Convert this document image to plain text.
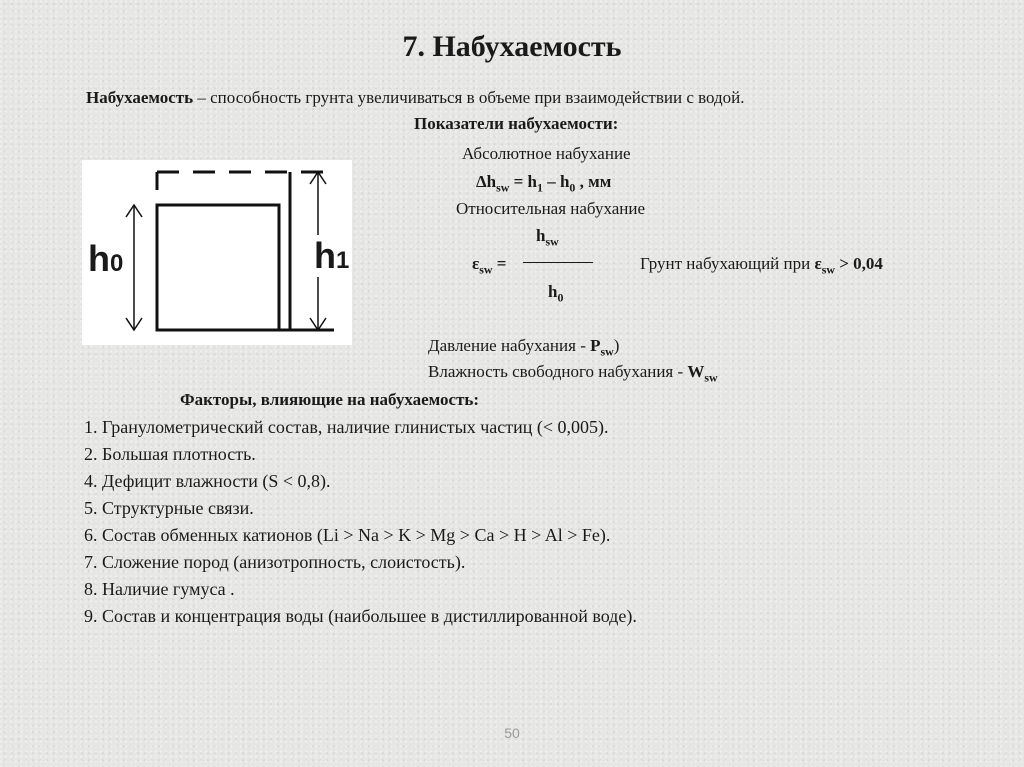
7. Набухаемость
Набухаемость – способность грунта увеличиваться в объеме при взаимодействии с водой.
Показатели набухаемости:
Абсолютное набухание
$\Delta h_{sw} = h_1 - h_0$ , мм
Относительная набухание
$h_{sw}$
$\varepsilon_{sw}$ =
$h_0$
Грунт набухающий при $\varepsilon_{sw} > 0,04$
h0	h1
Давление набухания - $P_{sw}$)
Влажность свободного набухания - $W_{sw}$
Факторы, влияющие на набухаемость:
1. Гранулометрический состав, наличие глинистых частиц (< 0,005).
2. Большая плотность.
4. Дефицит влажности (S < 0,8).
5. Структурные связи.
6. Состав обменных катионов (Li > Na > K > Mg > Ca > H > Al > Fe).
7. Сложение пород (анизотропность, слоистость).
8. Наличие гумуса .
9. Состав и концентрация воды (наибольшее в дистиллированной воде).
50
